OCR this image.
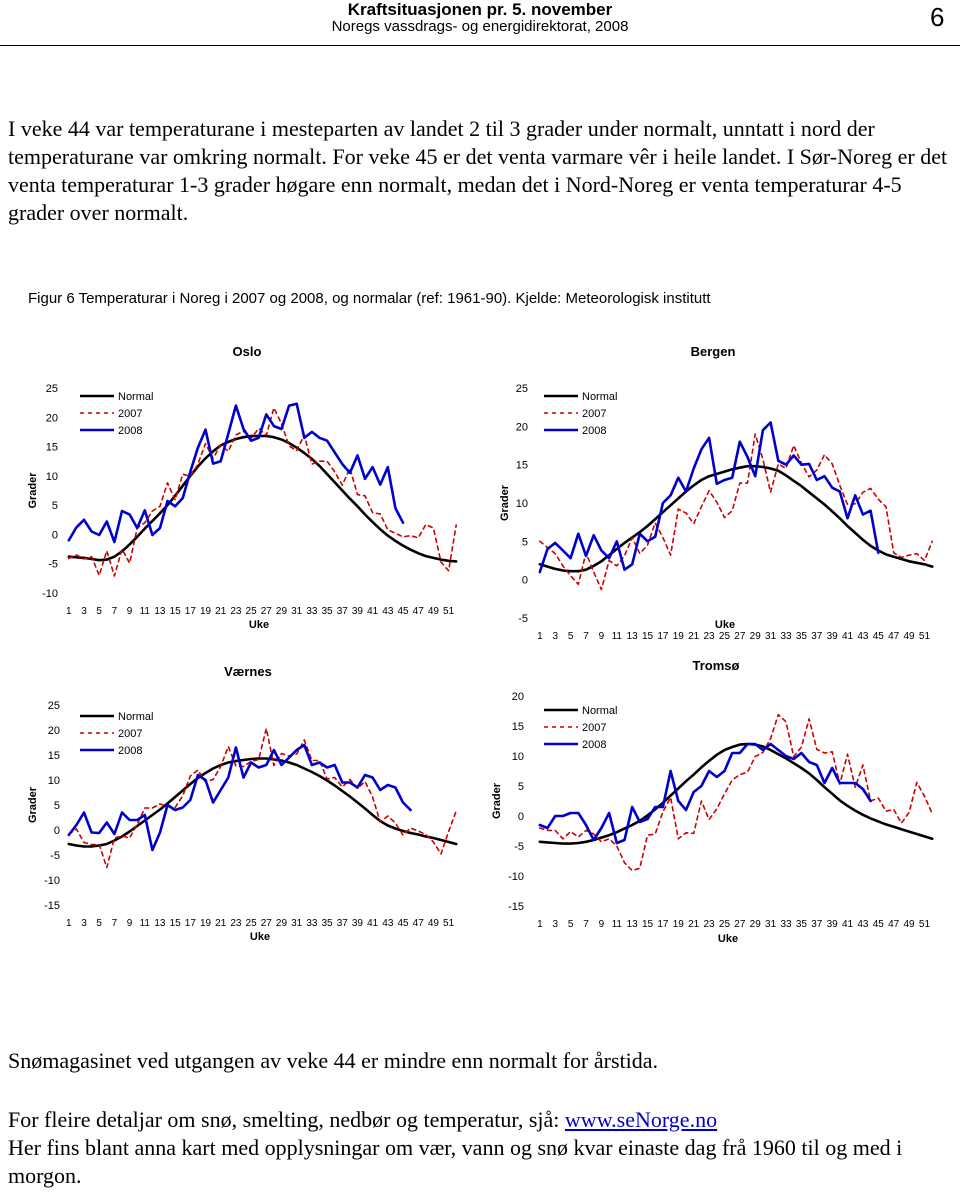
Kraftsituasjonen pr. 5. november
Noregs vassdrags- og energidirektorat, 2008	6

I veke 44 var temperaturane i mesteparten av landet 2 til 3 grader under normalt, unntatt i nord der temperaturane var omkring normalt. For veke 45 er det venta varmare vêr i heile landet. I Sør-Noreg er det venta temperaturar 1-3 grader høgare enn normalt, medan det i Nord-Noreg er venta temperaturar 4-5 grader over normalt.

Figur 6 Temperaturar i Noreg i 2007 og 2008, og normalar (ref: 1961-90). Kjelde: Meteorologisk institutt
Oslo
-10
-5
0
5
10
15
20
25
1 3 5 7 9 11 13 15 17 19 21 23 25 27 29 31 33 35 37 39 41 43 45 47 49 51
Uke
Grader
Normal
2007
2008
Bergen
-5
0
5
10
15
20
25
1 3 5 7 9 11 13 15 17 19 21 23 25 27 29 31 33 35 37 39 41 43 45 47 49 51
Uke
Grader
Normal
2007
2008
Værnes
-15
-10
-5
0
5
10
15
20
25
1 3 5 7 9 11 13 15 17 19 21 23 25 27 29 31 33 35 37 39 41 43 45 47 49 51
Uke
Grader
Normal
2007
2008
Tromsø
-15
-10
-5
0
5
10
15
20
1 3 5 7 9 11 13 15 17 19 21 23 25 27 29 31 33 35 37 39 41 43 45 47 49 51
Uke
Grader
Normal
2007
2008

Snømagasinet ved utgangen av veke 44 er mindre enn normalt for årstida.

For fleire detaljar om snø, smelting, nedbør og temperatur, sjå: www.seNorge.no

Her fins blant anna kart med opplysningar om vær, vann og snø kvar einaste dag frå 1960 til og med i morgon.
